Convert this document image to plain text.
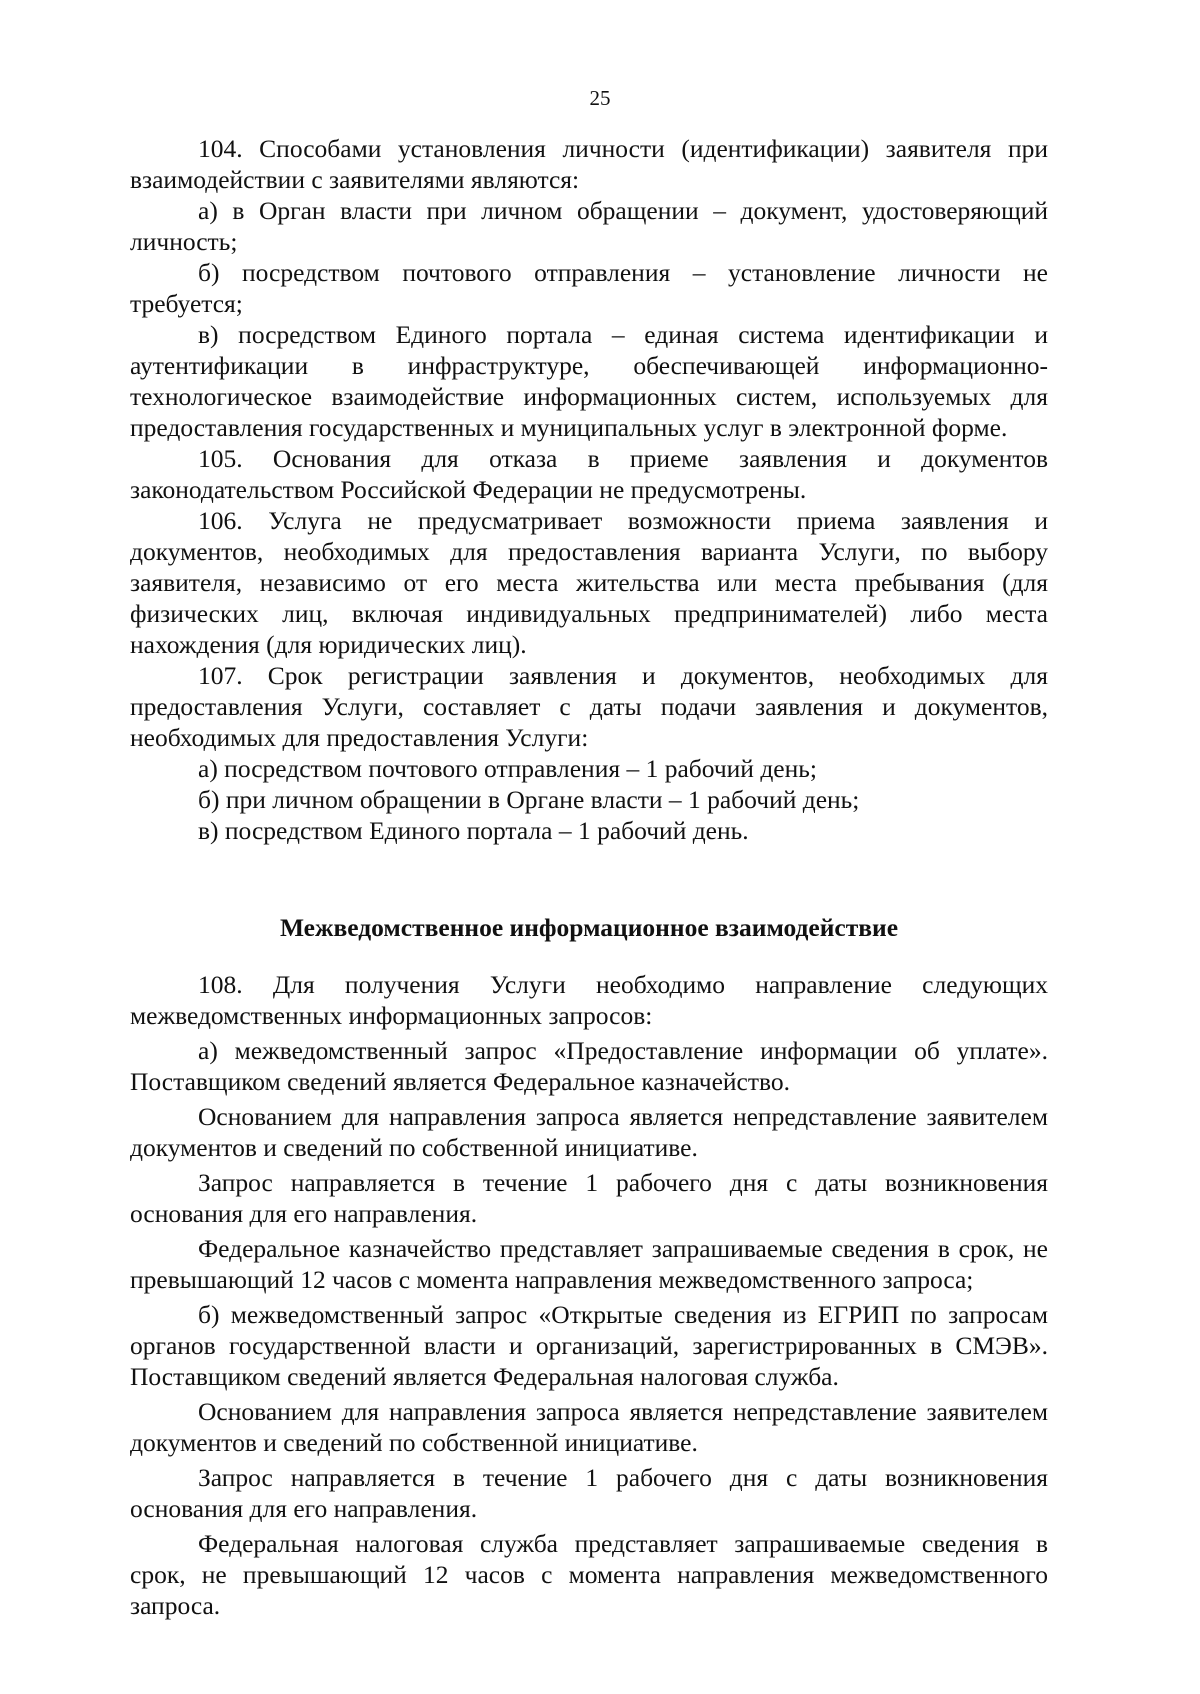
25

104. Способами установления личности (идентификации) заявителя при взаимодействии с заявителями являются:

а) в Орган власти при личном обращении – документ, удостоверяющий личность;

б) посредством почтового отправления – установление личности не требуется;

в) посредством Единого портала – единая система идентификации и аутентификации в инфраструктуре, обеспечивающей информационно-технологическое взаимодействие информационных систем, используемых для предоставления государственных и муниципальных услуг в электронной форме.

105. Основания для отказа в приеме заявления и документов законодательством Российской Федерации не предусмотрены.

106. Услуга не предусматривает возможности приема заявления и документов, необходимых для предоставления варианта Услуги, по выбору заявителя, независимо от его места жительства или места пребывания (для физических лиц, включая индивидуальных предпринимателей) либо места нахождения (для юридических лиц).

107. Срок регистрации заявления и документов, необходимых для предоставления Услуги, составляет с даты подачи заявления и документов, необходимых для предоставления Услуги:

а) посредством почтового отправления – 1 рабочий день;

б) при личном обращении в Органе власти – 1 рабочий день;

в) посредством Единого портала – 1 рабочий день.

Межведомственное информационное взаимодействие

108. Для получения Услуги необходимо направление следующих межведомственных информационных запросов:

а) межведомственный запрос «Предоставление информации об уплате». Поставщиком сведений является Федеральное казначейство.

Основанием для направления запроса является непредставление заявителем документов и сведений по собственной инициативе.

Запрос направляется в течение 1 рабочего дня с даты возникновения основания для его направления.

Федеральное казначейство представляет запрашиваемые сведения в срок, не превышающий 12 часов с момента направления межведомственного запроса;

б) межведомственный запрос «Открытые сведения из ЕГРИП по запросам органов государственной власти и организаций, зарегистрированных в СМЭВ». Поставщиком сведений является Федеральная налоговая служба.

Основанием для направления запроса является непредставление заявителем документов и сведений по собственной инициативе.

Запрос направляется в течение 1 рабочего дня с даты возникновения основания для его направления.

Федеральная налоговая служба представляет запрашиваемые сведения в срок, не превышающий 12 часов с момента направления межведомственного запроса.
